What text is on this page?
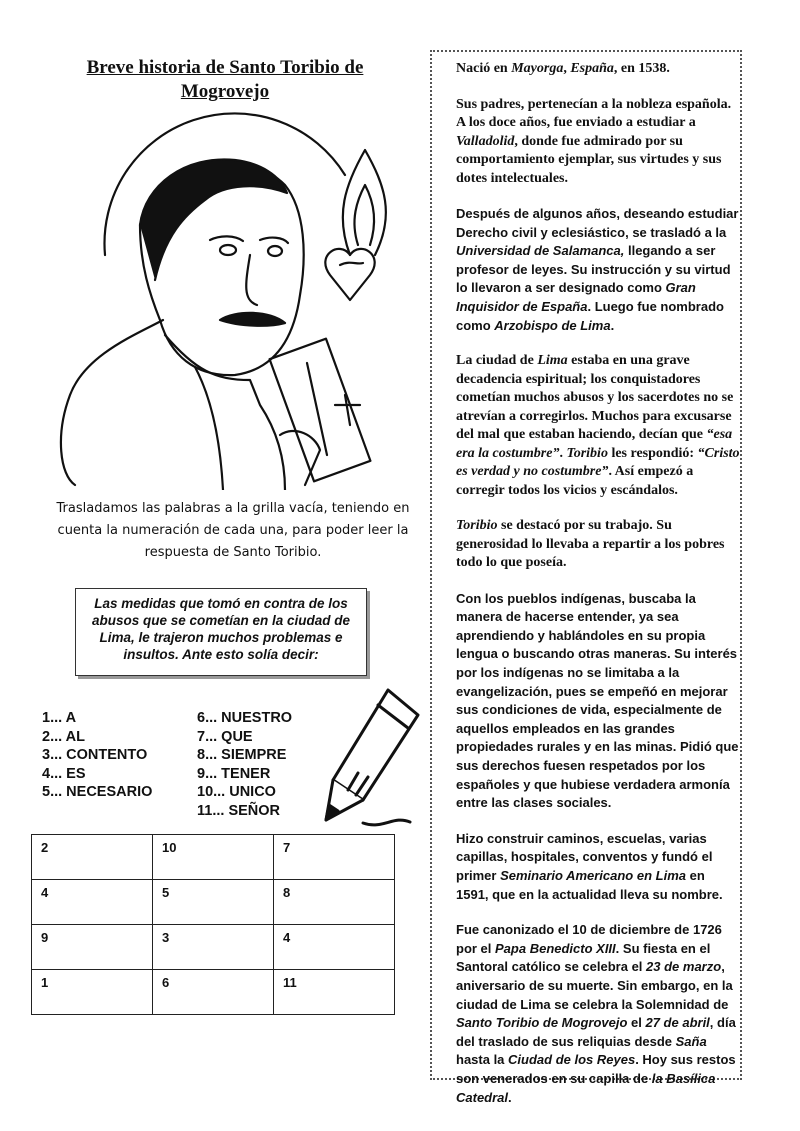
Breve historia de Santo Toribio de Mogrovejo
Trasladamos las palabras a la grilla vacía, teniendo en cuenta la numeración de cada una, para poder leer la respuesta de Santo Toribio.
Las medidas que tomó en contra de los abusos que se cometían en la ciudad de Lima, le trajeron muchos problemas e insultos. Ante esto solía decir:
1... A
2... AL
3... CONTENTO
4... ES
5... NECESARIO
6... NUESTRO
7... QUE
8... SIEMPRE
9... TENER
10... UNICO
11... SEÑOR
2	10	7
4	5	8
9	3	4
1	6	11

Nació en Mayorga, España, en 1538.

Sus padres, pertenecían a la nobleza española. A los doce años, fue enviado a estudiar a Valladolid, donde fue admirado por su comportamiento ejemplar, sus virtudes y sus dotes intelectuales.

Después de algunos años, deseando estudiar Derecho civil y eclesiástico, se trasladó a la Universidad de Salamanca, llegando a ser profesor de leyes. Su instrucción y su virtud lo llevaron a ser designado como Gran Inquisidor de España. Luego fue nombrado como Arzobispo de Lima.

La ciudad de Lima estaba en una grave decadencia espiritual; los conquistadores cometían muchos abusos y los sacerdotes no se atrevían a corregirlos. Muchos para excusarse del mal que estaban haciendo, decían que “esa era la costumbre”. Toribio les respondió: “Cristo es verdad y no costumbre”. Así empezó a corregir todos los vicios y escándalos.

Toribio se destacó por su trabajo. Su generosidad lo llevaba a repartir a los pobres todo lo que poseía.

Con los pueblos indígenas, buscaba la manera de hacerse entender, ya sea aprendiendo y hablándoles en su propia lengua o buscando otras maneras. Su interés por los indígenas no se limitaba a la evangelización, pues se empeñó en mejorar sus condiciones de vida, especialmente de aquellos empleados en las grandes propiedades rurales y en las minas. Pidió que sus derechos fuesen respetados por los españoles y que hubiese verdadera armonía entre las clases sociales.

Hizo construir caminos, escuelas, varias capillas, hospitales, conventos y fundó el primer Seminario Americano en Lima en 1591, que en la actualidad lleva su nombre.

Fue canonizado el 10 de diciembre de 1726 por el Papa Benedicto XIII. Su fiesta en el Santoral católico se celebra el 23 de marzo, aniversario de su muerte. Sin embargo, en la ciudad de Lima se celebra la Solemnidad de Santo Toribio de Mogrovejo el 27 de abril, día del traslado de sus reliquias desde Saña hasta la Ciudad de los Reyes. Hoy sus restos son venerados en su capilla de la Basílica Catedral.
